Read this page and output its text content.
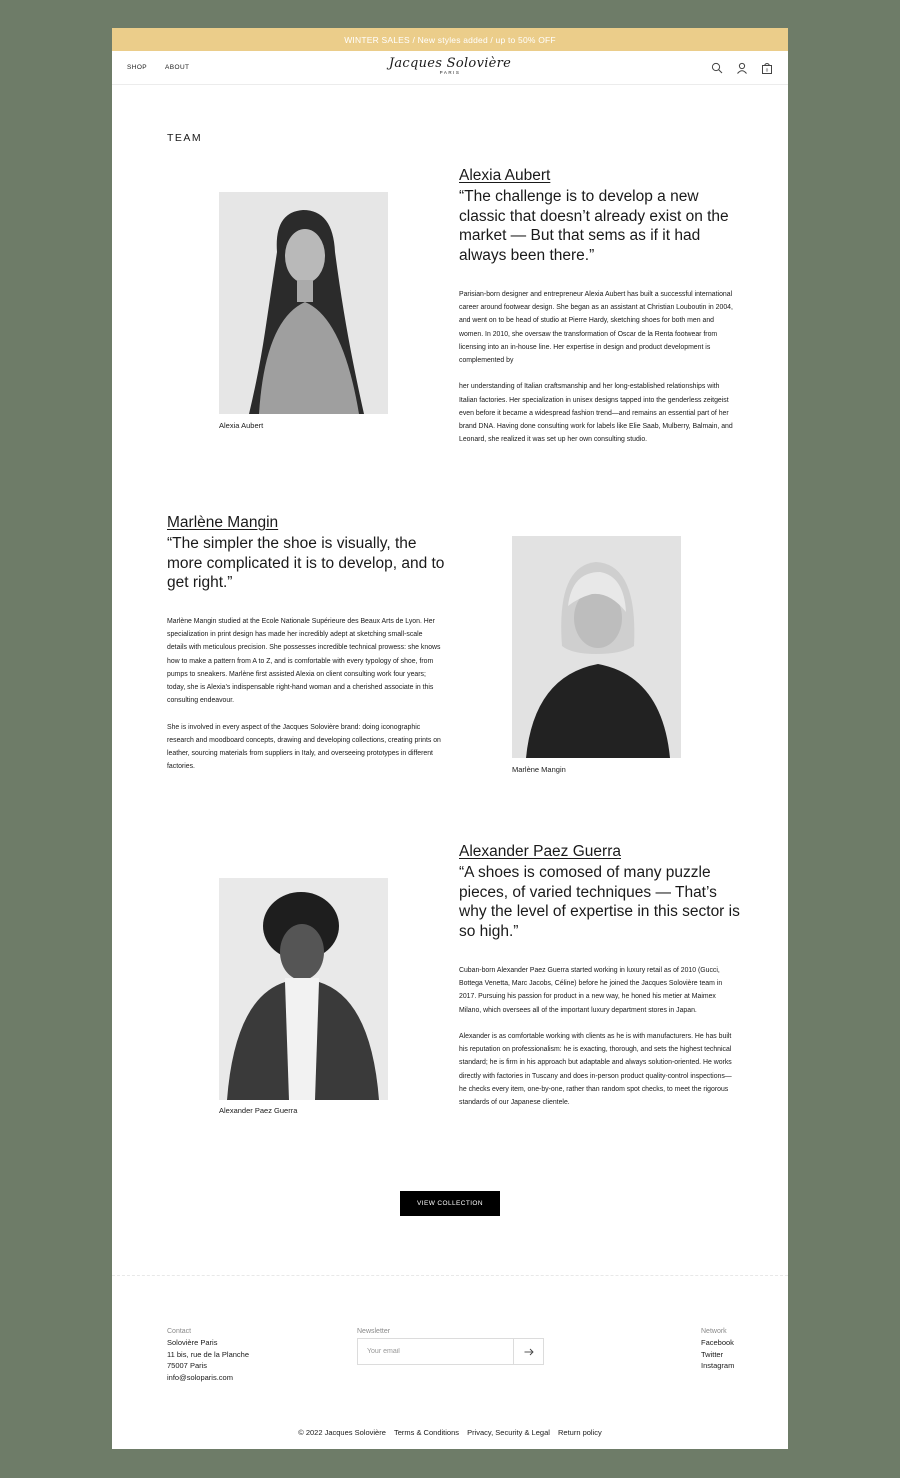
WINTER SALES / New styles added / up to 50% OFF
SHOP	ABOUT	Jacques Solovière
PARIS	0
TEAM
Alexia Aubert
Alexia Aubert
“The challenge is to develop a new classic that doesn’t already exist on the market — But that sems as if it had always been there.”

Parisian-born designer and entrepreneur Alexia Aubert has built a successful international career around footwear design. She began as an assistant at Christian Louboutin in 2004, and went on to be head of studio at Pierre Hardy, sketching shoes for both men and women. In 2010, she oversaw the transformation of Oscar de la Renta footwear from licensing into an in-house line. Her expertise in design and product development is complemented by

her understanding of Italian craftsmanship and her long-established relationships with Italian factories. Her specialization in unisex designs tapped into the genderless zeitgeist even before it became a widespread fashion trend—and remains an essential part of her brand DNA. Having done consulting work for labels like Elie Saab, Mulberry, Balmain, and Leonard, she realized it was set up her own consulting studio.

Marlène Mangin
“The simpler the shoe is visually, the more complicated it is to develop, and to get right.”

Marlène Mangin studied at the Ecole Nationale Supérieure des Beaux Arts de Lyon. Her specialization in print design has made her incredibly adept at sketching small-scale details with meticulous precision. She possesses incredible technical prowess: she knows how to make a pattern from A to Z, and is comfortable with every typology of shoe, from pumps to sneakers. Marlène first assisted Alexia on client consulting work four years; today, she is Alexia’s indispensable right-hand woman and a cherished associate in this consulting endeavour.

She is involved in every aspect of the Jacques Solovière brand: doing iconographic research and moodboard concepts, drawing and developing collections, creating prints on leather, sourcing materials from suppliers in Italy, and overseeing prototypes in different factories.	Marlène Mangin
Alexander Paez Guerra
Alexander Paez Guerra
“A shoes is comosed of many puzzle pieces, of varied techniques — That’s why the level of expertise in this sector is so high.”

Cuban-born Alexander Paez Guerra started working in luxury retail as of 2010 (Gucci, Bottega Venetta, Marc Jacobs, Céline) before he joined the Jacques Solovière team in 2017. Pursuing his passion for product in a new way, he honed his metier at Maimex Milano, which oversees all of the important luxury department stores in Japan.

Alexander is as comfortable working with clients as he is with manufacturers. He has built his reputation on professionalism: he is exacting, thorough, and sets the highest technical standard; he is firm in his approach but adaptable and always solution-oriented. He works directly with factories in Tuscany and does in-person product quality-control inspections—he checks every item, one-by-one, rather than random spot checks, to meet the rigorous standards of our Japanese clientele.

VIEW COLLECTION
Contact
Solovière Paris
11 bis, rue de la Planche
75007 Paris
info@soloparis.com
Newsletter
Your email	Network
Facebook
Twitter
Instagram
© 2022 Jacques Solovière Terms & Conditions Privacy, Security & Legal Return policy
